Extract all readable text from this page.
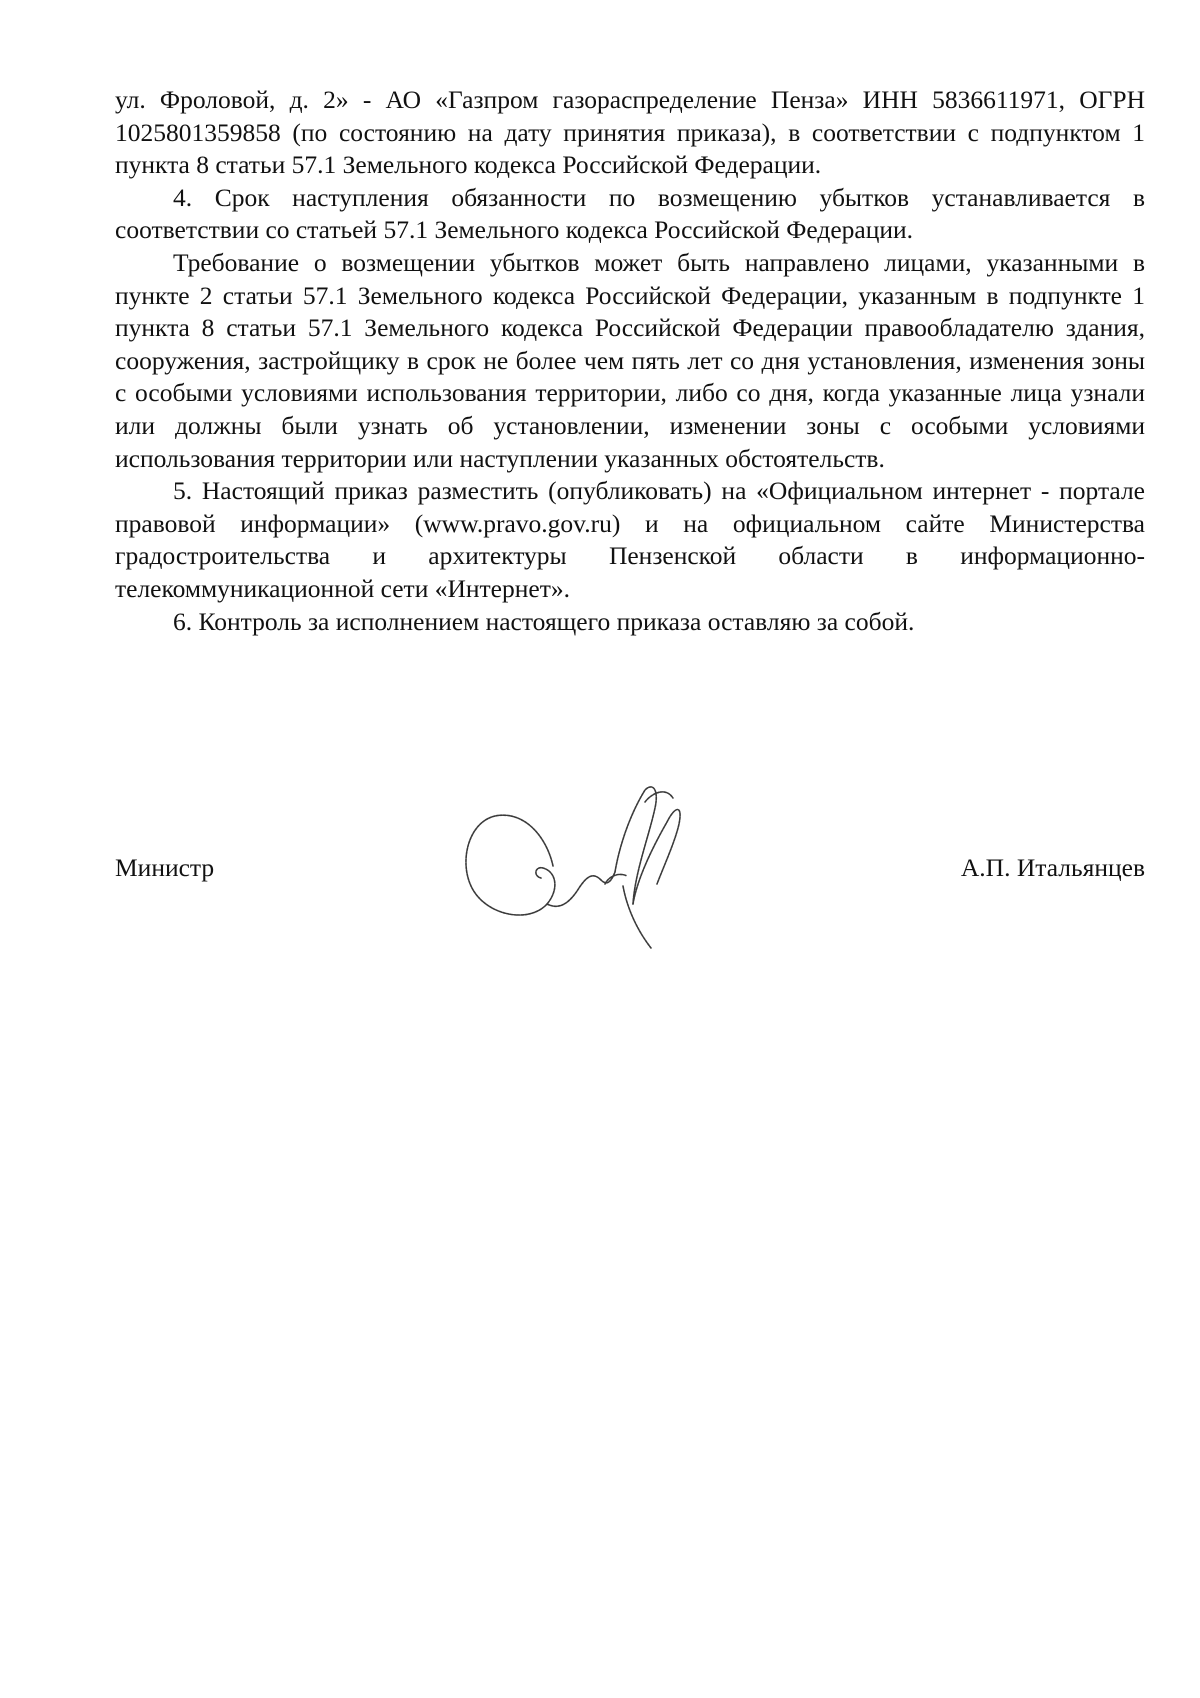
ул. Фроловой, д. 2» - АО «Газпром газораспределение Пенза» ИНН 5836611971, ОГРН 1025801359858 (по состоянию на дату принятия приказа), в соответствии с подпунктом 1 пункта 8 статьи 57.1 Земельного кодекса Российской Федерации.

4. Срок наступления обязанности по возмещению убытков устанавливается в соответствии со статьей 57.1 Земельного кодекса Российской Федерации.

Требование о возмещении убытков может быть направлено лицами, указанными в пункте 2 статьи 57.1 Земельного кодекса Российской Федерации, указанным в подпункте 1 пункта 8 статьи 57.1 Земельного кодекса Российской Федерации правообладателю здания, сооружения, застройщику в срок не более чем пять лет со дня установления, изменения зоны с особыми условиями использования территории, либо со дня, когда указанные лица узнали или должны были узнать об установлении, изменении зоны с особыми условиями использования территории или наступлении указанных обстоятельств.

5. Настоящий приказ разместить (опубликовать) на «Официальном интернет - портале правовой информации» (www.pravo.gov.ru) и на официальном сайте Министерства градостроительства и архитектуры Пензенской области в информационно-телекоммуникационной сети «Интернет».

6. Контроль за исполнением настоящего приказа оставляю за собой.

Министр	А.П. Итальянцев
